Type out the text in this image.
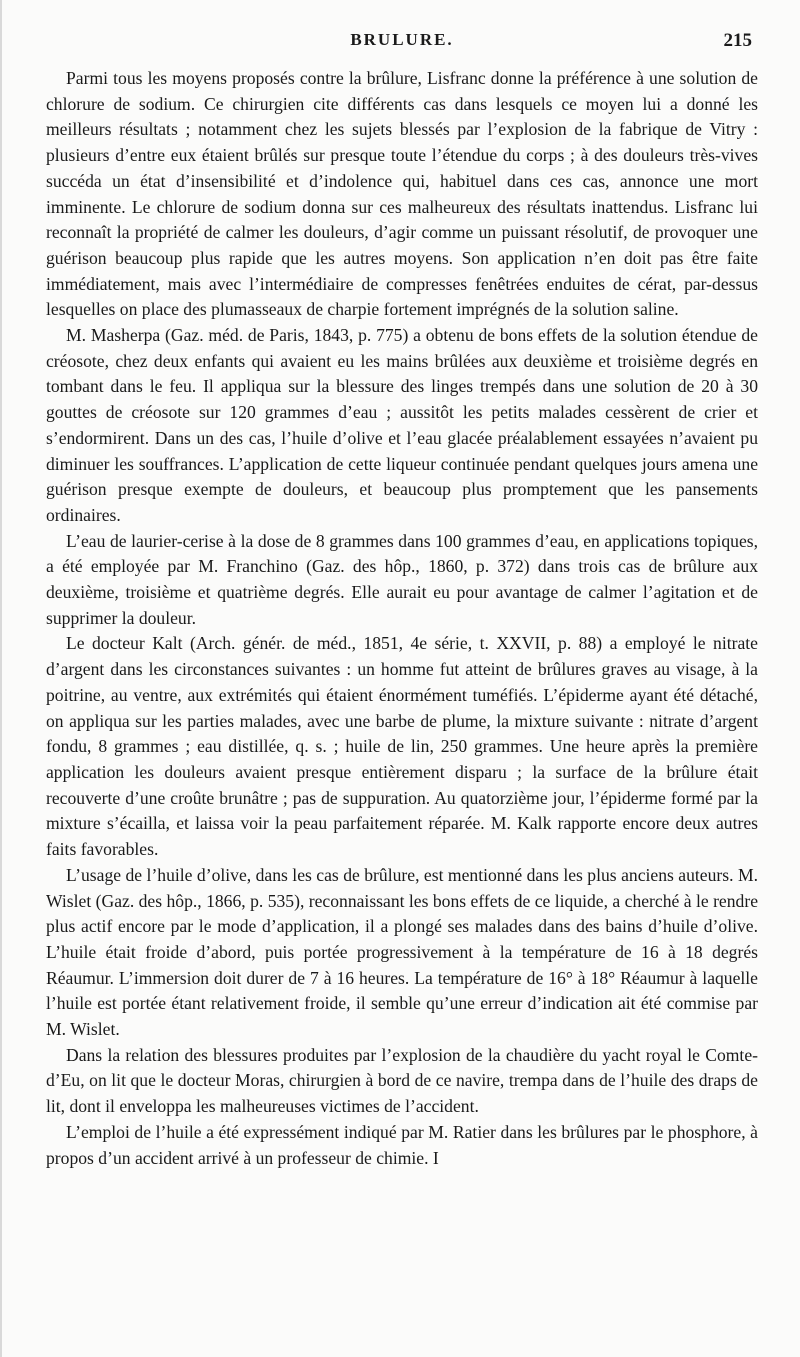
BRULURE.	215

Parmi tous les moyens proposés contre la brûlure, Lisfranc donne la préférence à une solution de chlorure de sodium. Ce chirurgien cite différents cas dans lesquels ce moyen lui a donné les meilleurs résultats ; notamment chez les sujets blessés par l’explosion de la fabrique de Vitry : plusieurs d’entre eux étaient brûlés sur presque toute l’étendue du corps ; à des douleurs très-vives succéda un état d’insensibilité et d’indolence qui, habituel dans ces cas, annonce une mort imminente. Le chlorure de sodium donna sur ces malheureux des résultats inattendus. Lisfranc lui reconnaît la propriété de calmer les douleurs, d’agir comme un puissant résolutif, de provoquer une guérison beaucoup plus rapide que les autres moyens. Son application n’en doit pas être faite immédiatement, mais avec l’intermédiaire de compresses fenêtrées enduites de cérat, par-dessus lesquelles on place des plumasseaux de charpie fortement imprégnés de la solution saline.

M. Masherpa (Gaz. méd. de Paris, 1843, p. 775) a obtenu de bons effets de la solution étendue de créosote, chez deux enfants qui avaient eu les mains brûlées aux deuxième et troisième degrés en tombant dans le feu. Il appliqua sur la blessure des linges trempés dans une solution de 20 à 30 gouttes de créosote sur 120 grammes d’eau ; aussitôt les petits malades cessèrent de crier et s’endormirent. Dans un des cas, l’huile d’olive et l’eau glacée préalablement essayées n’avaient pu diminuer les souffrances. L’application de cette liqueur continuée pendant quelques jours amena une guérison presque exempte de douleurs, et beaucoup plus promptement que les pansements ordinaires.

L’eau de laurier-cerise à la dose de 8 grammes dans 100 grammes d’eau, en applications topiques, a été employée par M. Franchino (Gaz. des hôp., 1860, p. 372) dans trois cas de brûlure aux deuxième, troisième et quatrième degrés. Elle aurait eu pour avantage de calmer l’agitation et de supprimer la douleur.

Le docteur Kalt (Arch. génér. de méd., 1851, 4e série, t. XXVII, p. 88) a employé le nitrate d’argent dans les circonstances suivantes : un homme fut atteint de brûlures graves au visage, à la poitrine, au ventre, aux extrémités qui étaient énormément tuméfiés. L’épiderme ayant été détaché, on appliqua sur les parties malades, avec une barbe de plume, la mixture suivante : nitrate d’argent fondu, 8 grammes ; eau distillée, q. s. ; huile de lin, 250 grammes. Une heure après la première application les douleurs avaient presque entièrement disparu ; la surface de la brûlure était recouverte d’une croûte brunâtre ; pas de suppuration. Au quatorzième jour, l’épiderme formé par la mixture s’écailla, et laissa voir la peau parfaitement réparée. M. Kalk rapporte encore deux autres faits favorables.

L’usage de l’huile d’olive, dans les cas de brûlure, est mentionné dans les plus anciens auteurs. M. Wislet (Gaz. des hôp., 1866, p. 535), reconnaissant les bons effets de ce liquide, a cherché à le rendre plus actif encore par le mode d’application, il a plongé ses malades dans des bains d’huile d’olive. L’huile était froide d’abord, puis portée progressivement à la température de 16 à 18 degrés Réaumur. L’immersion doit durer de 7 à 16 heures. La température de 16° à 18° Réaumur à laquelle l’huile est portée étant relativement froide, il semble qu’une erreur d’indication ait été commise par M. Wislet.

Dans la relation des blessures produites par l’explosion de la chaudière du yacht royal le Comte-d’Eu, on lit que le docteur Moras, chirurgien à bord de ce navire, trempa dans de l’huile des draps de lit, dont il enveloppa les malheureuses victimes de l’accident.

L’emploi de l’huile a été expressément indiqué par M. Ratier dans les brûlures par le phosphore, à propos d’un accident arrivé à un professeur de chimie. I
